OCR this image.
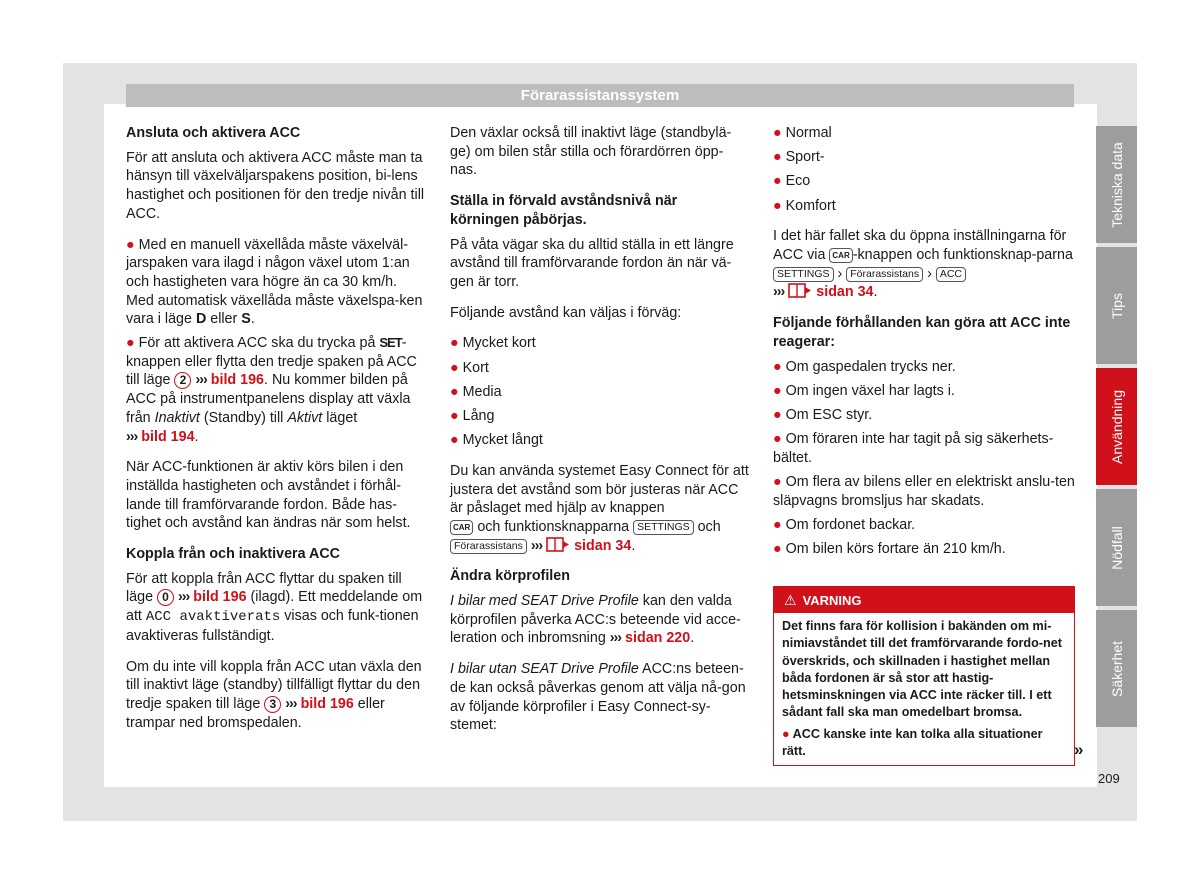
Förarassistanssystem

Ansluta och aktivera ACC

För att ansluta och aktivera ACC måste man ta hänsyn till växelväljarspakens position, bi-lens hastighet och positionen för den tredje nivån till ACC.

● Med en manuell växellåda måste växelväl-jarspaken vara ilagd i någon växel utom 1:an och hastigheten vara högre än ca 30 km/h. Med automatisk växellåda måste växelspa-ken vara i läge D eller S.

● För att aktivera ACC ska du trycka på SET-knappen eller flytta den tredje spaken på ACC till läge 2 ››› bild 196. Nu kommer bilden på ACC på instrumentpanelens display att växla från Inaktivt (Standby) till Aktivt läget
››› bild 194.

När ACC-funktionen är aktiv körs bilen i den inställda hastigheten och avståndet i förhål-lande till framförvarande fordon. Både has-tighet och avstånd kan ändras när som helst.

Koppla från och inaktivera ACC

För att koppla från ACC flyttar du spaken till läge 0 ››› bild 196 (ilagd). Ett meddelande om att ACC avaktiverats visas och funk-tionen avaktiveras fullständigt.

Om du inte vill koppla från ACC utan växla den till inaktivt läge (standby) tillfälligt flyttar du den tredje spaken till läge 3 ››› bild 196 eller trampar ned bromspedalen.

Den växlar också till inaktivt läge (standbylä-ge) om bilen står stilla och förardörren öpp-nas.

Ställa in förvald avståndsnivå när körningen påbörjas.

På våta vägar ska du alltid ställa in ett längre avstånd till framförvarande fordon än när vä-gen är torr.

Följande avstånd kan väljas i förväg:

● Mycket kort
● Kort
● Media
● Lång
● Mycket långt

Du kan använda systemet Easy Connect för att justera det avstånd som bör justeras när ACC är påslaget med hjälp av knappen
CAR och funktionsknapparna SETTINGS och
Förarassistans ››› sidan 34.

Ändra körprofilen

I bilar med SEAT Drive Profile kan den valda körprofilen påverka ACC:s beteende vid acce-leration och inbromsning ››› sidan 220.

I bilar utan SEAT Drive Profile ACC:ns beteen-de kan också påverkas genom att välja nå-gon av följande körprofiler i Easy Connect-sy-stemet:

● Normal
● Sport-
● Eco
● Komfort

I det här fallet ska du öppna inställningarna för ACC via CAR -knappen och funktionsknap-parna SETTINGS › Förarassistans › ACC
››› sidan 34.

Följande förhållanden kan göra att ACC inte reagerar:

● Om gaspedalen trycks ner.
● Om ingen växel har lagts i.
● Om ESC styr.
● Om föraren inte har tagit på sig säkerhets-bältet.
● Om flera av bilens eller en elektriskt anslu-ten släpvagns bromsljus har skadats.
● Om fordonet backar.
● Om bilen körs fortare än 210 km/h.
⚠ VARNING

Det finns fara för kollision i bakänden om mi-nimiavståndet till det framförvarande fordo-net överskrids, och skillnaden i hastighet mellan båda fordonen är så stor att hastig-hetsminskningen via ACC inte räcker till. I ett sådant fall ska man omedelbart bromsa.

● ACC kanske inte kan tolka alla situationer rätt.	»
Tekniska data
Tips
Användning
Nödfall
Säkerhet
209
